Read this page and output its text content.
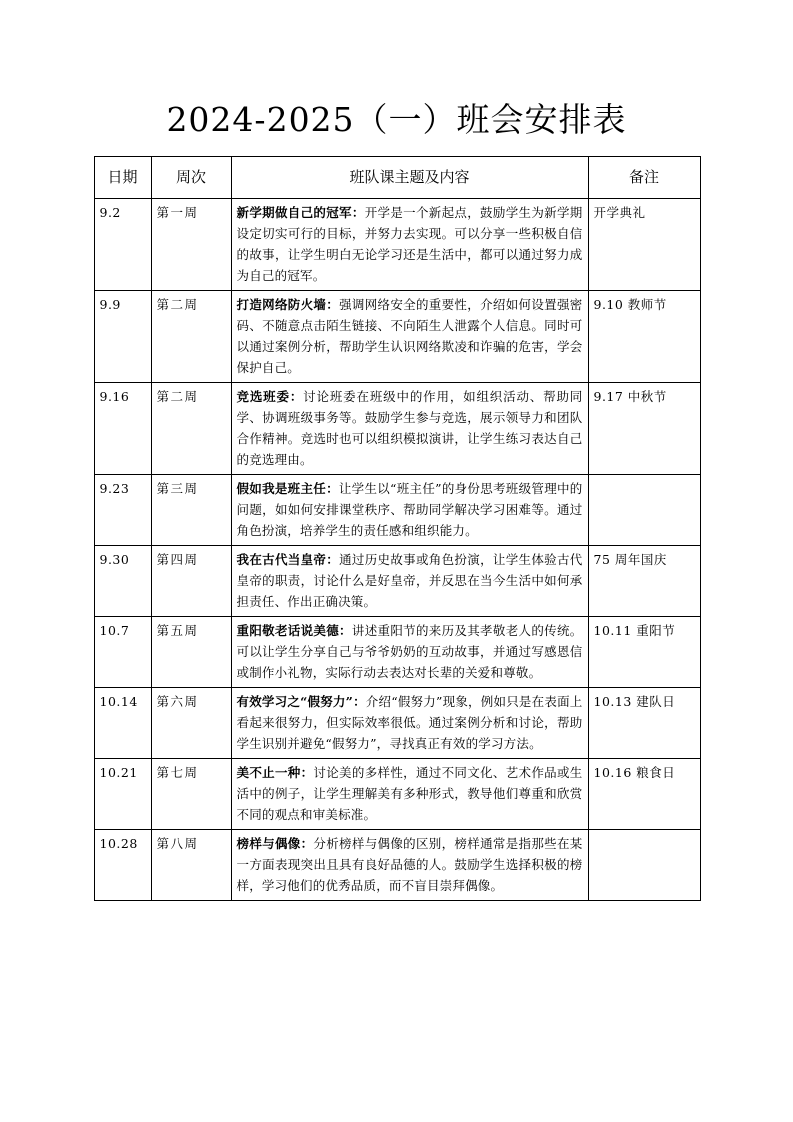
2024-2025（一）班会安排表
日期	周次	班队课主题及内容	备注
9.2	第一周	新学期做自己的冠军：开学是一个新起点，鼓励学生为新学期设定切实可行的目标，并努力去实现。可以分享一些积极自信的故事，让学生明白无论学习还是生活中，都可以通过努力成为自己的冠军。	开学典礼
9.9	第二周	打造网络防火墙：强调网络安全的重要性，介绍如何设置强密码、不随意点击陌生链接、不向陌生人泄露个人信息。同时可以通过案例分析，帮助学生认识网络欺凌和诈骗的危害，学会保护自己。	9.10 教师节
9.16	第二周	竞选班委：讨论班委在班级中的作用，如组织活动、帮助同学、协调班级事务等。鼓励学生参与竞选，展示领导力和团队合作精神。竞选时也可以组织模拟演讲，让学生练习表达自己的竞选理由。	9.17 中秋节
9.23	第三周	假如我是班主任：让学生以“班主任”的身份思考班级管理中的问题，如如何安排课堂秩序、帮助同学解决学习困难等。通过角色扮演，培养学生的责任感和组织能力。	
9.30	第四周	我在古代当皇帝：通过历史故事或角色扮演，让学生体验古代皇帝的职责，讨论什么是好皇帝，并反思在当今生活中如何承担责任、作出正确决策。	75 周年国庆
10.7	第五周	重阳敬老话说美德：讲述重阳节的来历及其孝敬老人的传统。可以让学生分享自己与爷爷奶奶的互动故事，并通过写感恩信或制作小礼物，实际行动去表达对长辈的关爱和尊敬。	10.11 重阳节
10.14	第六周	有效学习之“假努力”：介绍“假努力”现象，例如只是在表面上看起来很努力，但实际效率很低。通过案例分析和讨论，帮助学生识别并避免“假努力”，寻找真正有效的学习方法。	10.13 建队日
10.21	第七周	美不止一种：讨论美的多样性，通过不同文化、艺术作品或生活中的例子，让学生理解美有多种形式，教导他们尊重和欣赏不同的观点和审美标准。	10.16 粮食日
10.28	第八周	榜样与偶像：分析榜样与偶像的区别，榜样通常是指那些在某一方面表现突出且具有良好品德的人。鼓励学生选择积极的榜样，学习他们的优秀品质，而不盲目崇拜偶像。	
